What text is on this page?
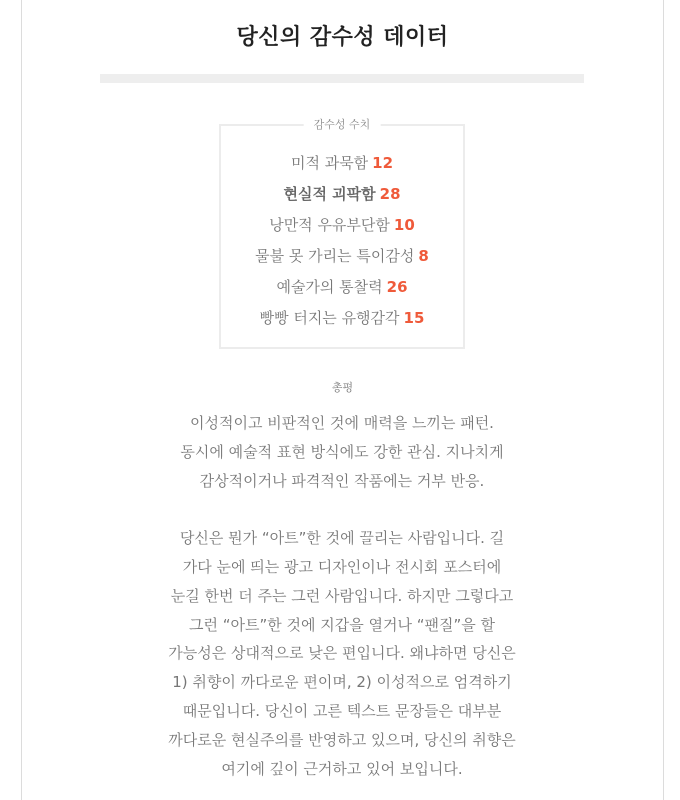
당신의 감수성 데이터
감수성 수치
미적 과묵함 12
현실적 괴팍함 28
낭만적 우유부단함 10
물불 못 가리는 특이감성 8
예술가의 통찰력 26
빵빵 터지는 유행감각 15
총평

이성적이고 비판적인 것에 매력을 느끼는 패턴.
동시에 예술적 표현 방식에도 강한 관심. 지나치게
감상적이거나 파격적인 작품에는 거부 반응.

당신은 뭔가 “아트”한 것에 끌리는 사람입니다. 길
가다 눈에 띄는 광고 디자인이나 전시회 포스터에
눈길 한번 더 주는 그런 사람입니다. 하지만 그렇다고
그런 “아트”한 것에 지갑을 열거나 “팬질”을 할
가능성은 상대적으로 낮은 편입니다. 왜냐하면 당신은
1) 취향이 까다로운 편이며, 2) 이성적으로 엄격하기
때문입니다. 당신이 고른 텍스트 문장들은 대부분
까다로운 현실주의를 반영하고 있으며, 당신의 취향은
여기에 깊이 근거하고 있어 보입니다.
